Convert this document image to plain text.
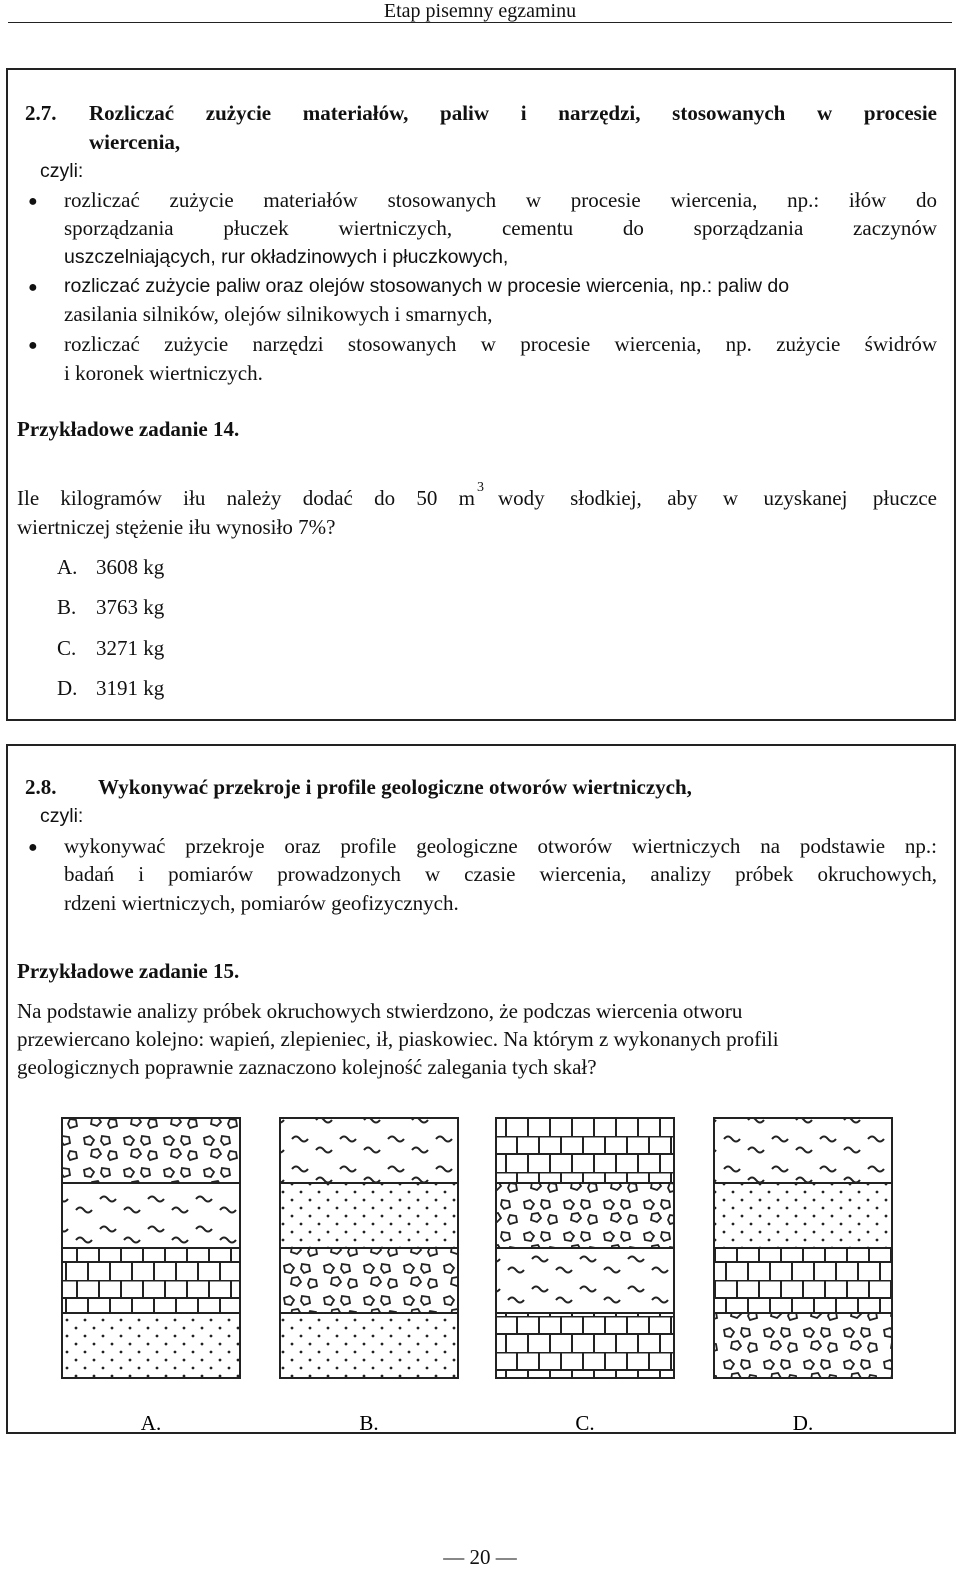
Etap pisemny egzaminu
2.7. Rozliczać zużycie materiałów, paliw i narzędzi, stosowanych w procesie
wiercenia,
czyli:
● rozliczać zużycie materiałów stosowanych w procesie wiercenia, np.: iłów do
sporządzania płuczek wiertniczych, cementu do sporządzania zaczynów
uszczelniających, rur okładzinowych i płuczkowych,
● rozliczać zużycie paliw oraz olejów stosowanych w procesie wiercenia, np.: paliw do
zasilania silników, olejów silnikowych i smarnych,
● rozliczać zużycie narzędzi stosowanych w procesie wiercenia, np. zużycie świdrów
i koronek wiertniczych.
Przykładowe zadanie 14.
Ile kilogramów iłu należy dodać do 50 m 3 wody słodkiej, aby w uzyskanej płuczce
wiertniczej stężenie iłu wynosiło 7%?
A. 3608 kg
B. 3763 kg
C. 3271 kg
D. 3191 kg
2.8. Wykonywać przekroje i profile geologiczne otworów wiertniczych,
czyli:
● wykonywać przekroje oraz profile geologiczne otworów wiertniczych na podstawie np.:
badań i pomiarów prowadzonych w czasie wiercenia, analizy próbek okruchowych,
rdzeni wiertniczych, pomiarów geofizycznych.
Przykładowe zadanie 15.
Na podstawie analizy próbek okruchowych stwierdzono, że podczas wiercenia otworu
przewiercano kolejno: wapień, zlepieniec, ił, piaskowiec. Na którym z wykonanych profili
geologicznych poprawnie zaznaczono kolejność zalegania tych skał?
A.	B.	C.	D.
— 20 —
